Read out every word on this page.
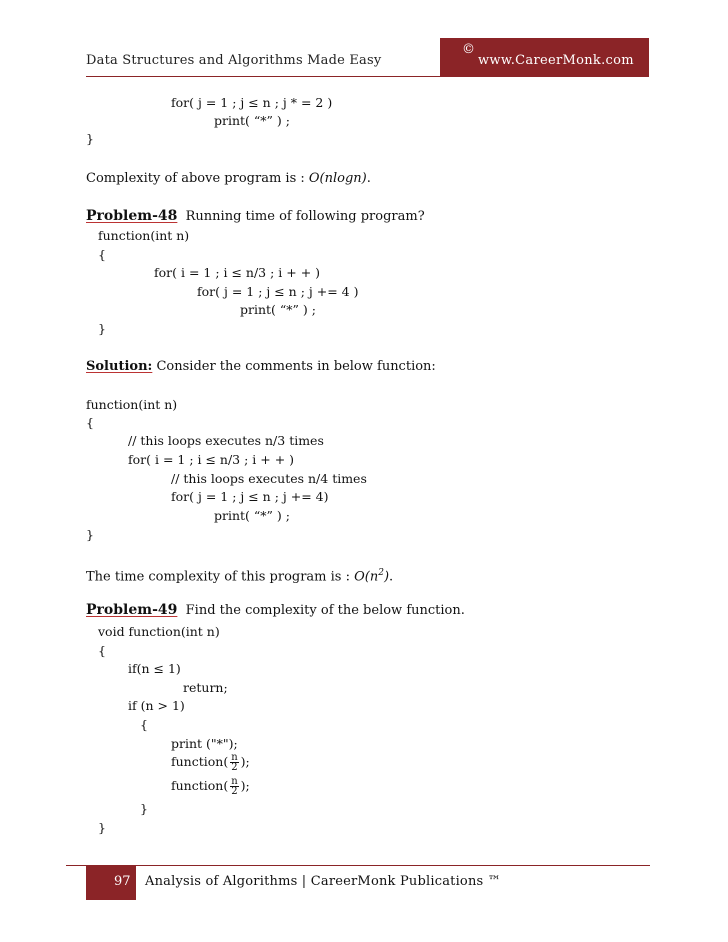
Data Structures and Algorithms Made Easy
©
www.CareerMonk.com
for( j = 1 ; j ≤ n ; j * = 2 )
print( “*” ) ;
}
Complexity of above program is : O(nlogn).
Problem-48 Running time of following program?
function(int n)
{
for( i = 1 ; i ≤ n/3 ; i + + )
for( j = 1 ; j ≤ n ; j += 4 )
print( “*” ) ;
}
Solution: Consider the comments in below function:
function(int n)
{
// this loops executes n/3 times
for( i = 1 ; i ≤ n/3 ; i + + )
// this loops executes n/4 times
for( j = 1 ; j ≤ n ; j += 4)
print( “*” ) ;
}
The time complexity of this program is : $O(n^2)$.
Problem-49 Find the complexity of the below function.
void function(int n)
{
if(n ≤ 1)
return;
if (n > 1)
{
print ("*");
function( $\frac{n}{2}$ );
function( $\frac{n}{2}$ );
}
}
97 Analysis of Algorithms | CareerMonk Publications ™
